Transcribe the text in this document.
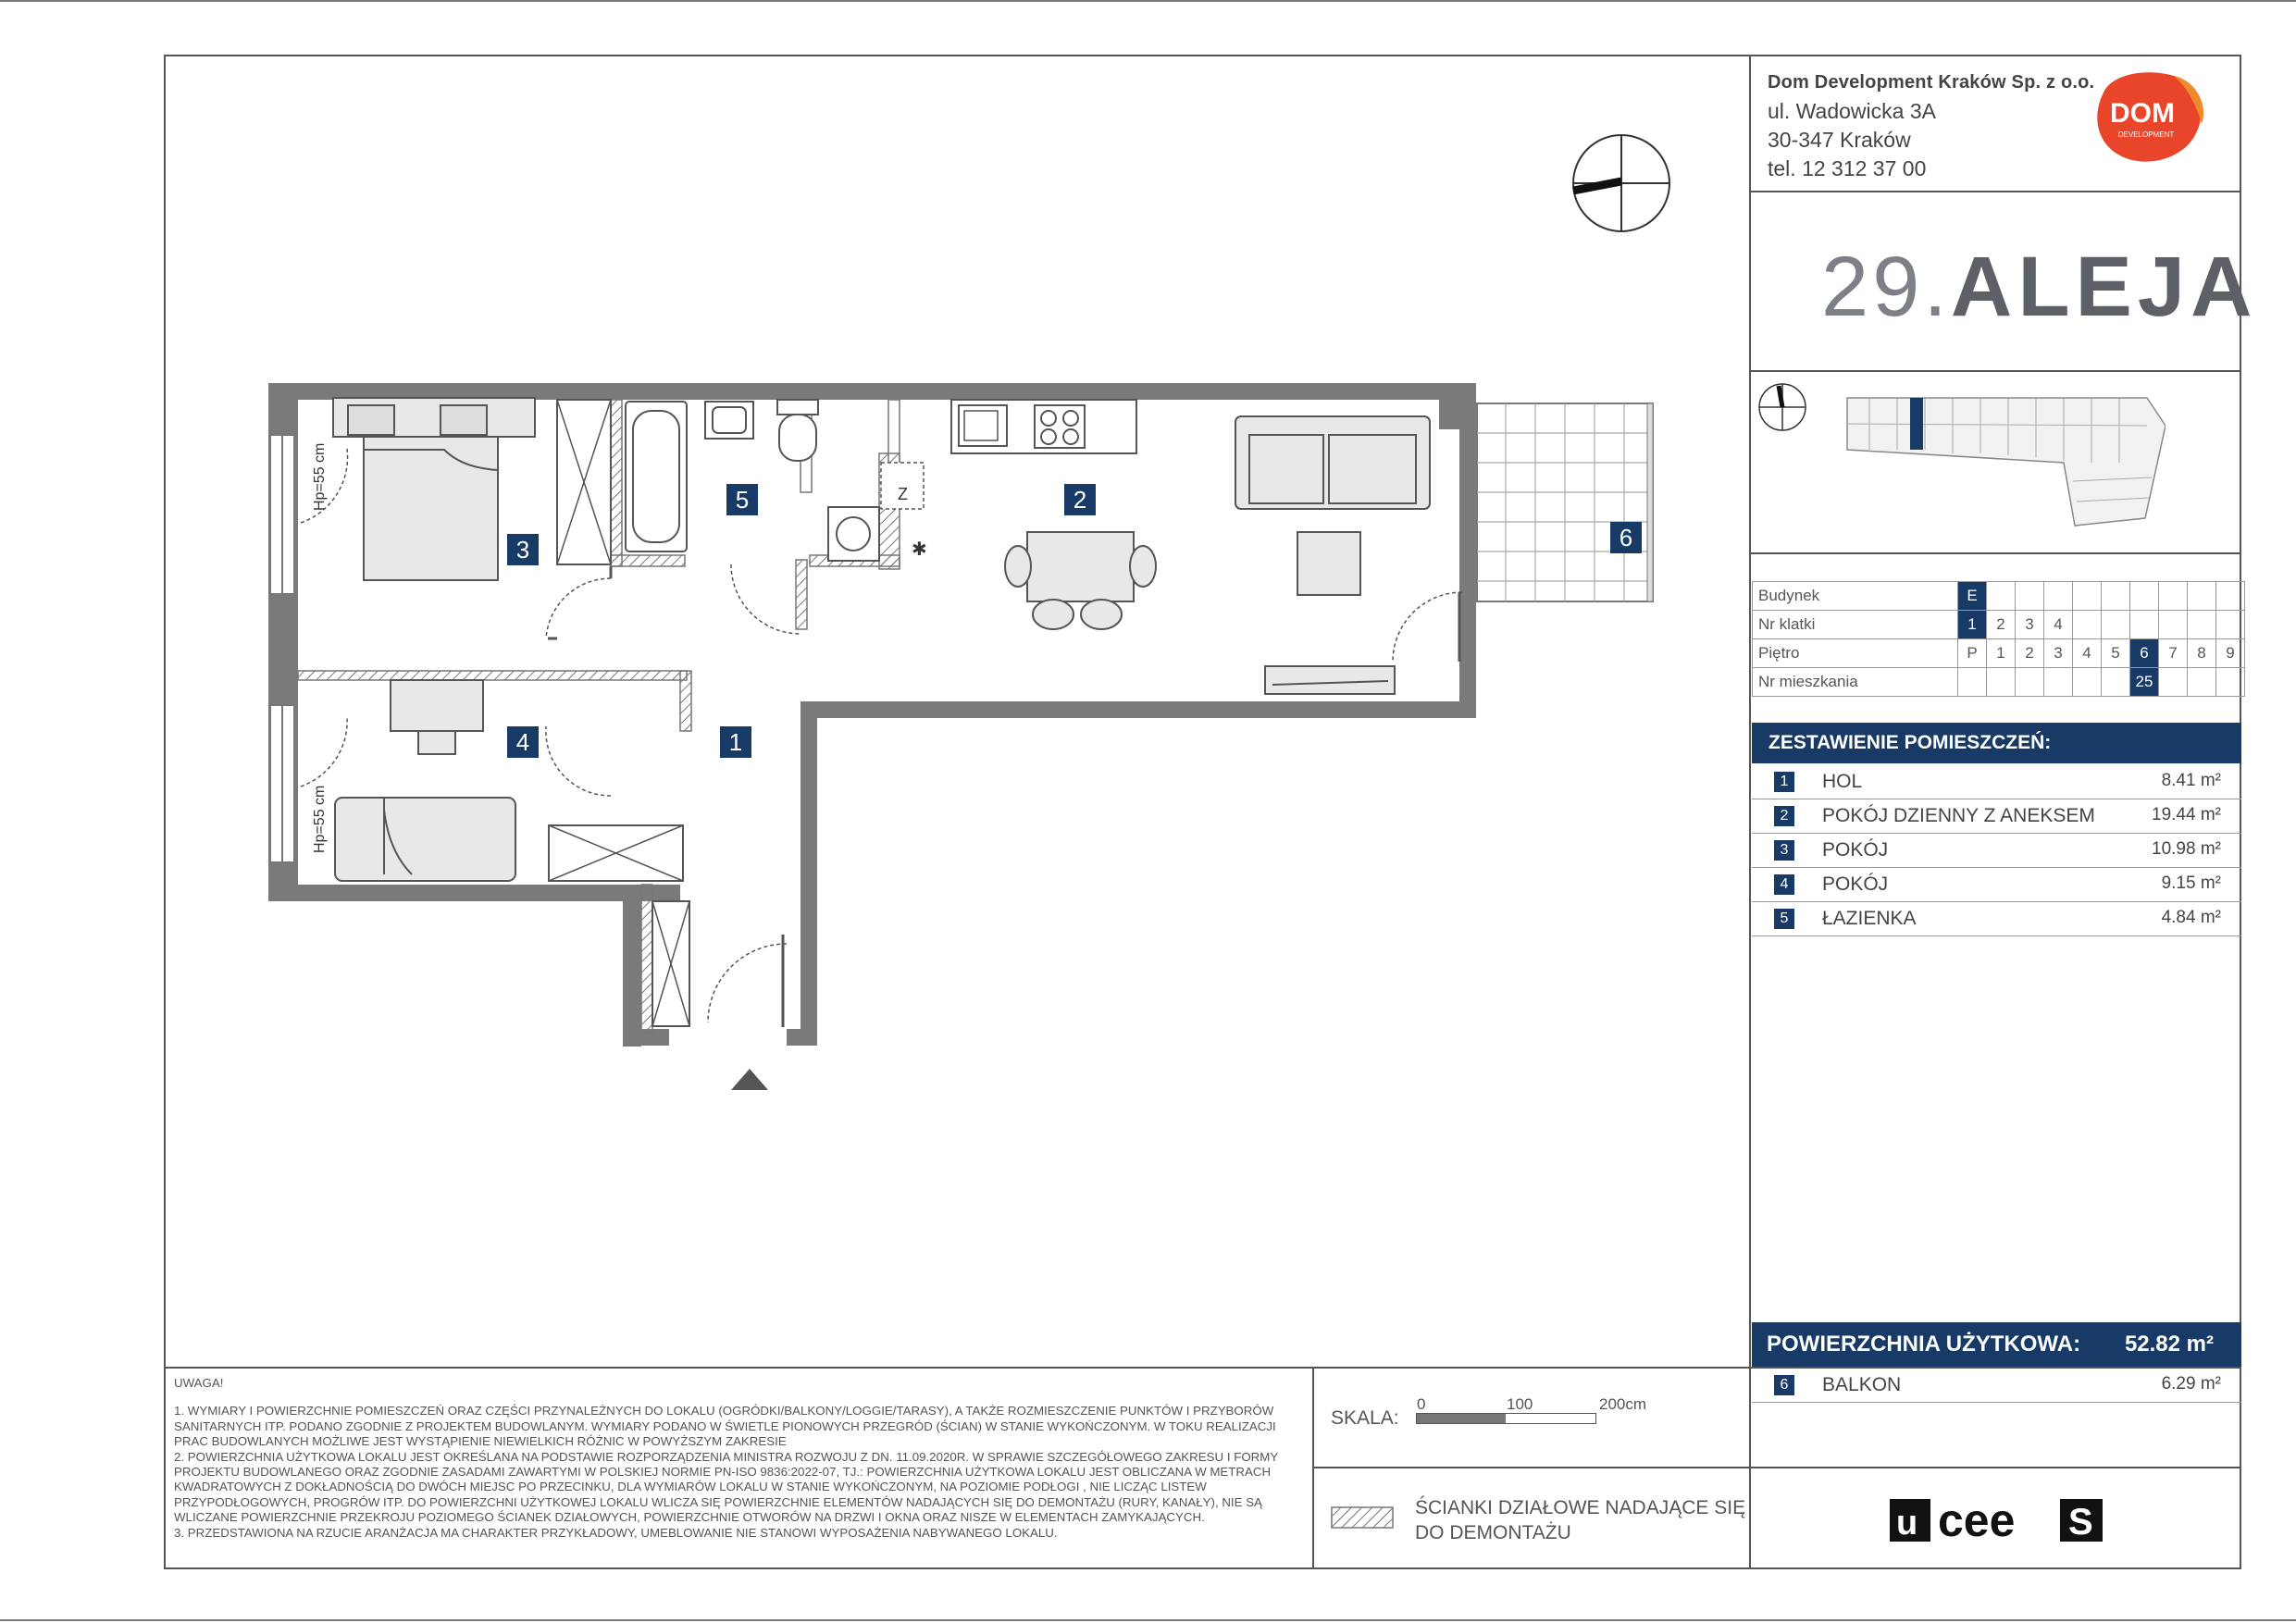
Dom Development Kraków Sp. z o.o.
ul. Wadowicka 3A
30-347 Kraków
tel. 12 312 37 00
DOM
DEVELOPMENT
29.ALEJA
Budynek	E									
Nr klatki	1	2	3	4						
Piętro	P	1	2	3	4	5	6	7	8	9
Nr mieszkania							25			
ZESTAWIENIE POMIESZCZEŃ:
1	HOL	8.41 m²
2	POKÓJ DZIENNY Z ANEKSEM	19.44 m²
3	POKÓJ	10.98 m²
4	POKÓJ	9.15 m²
5	ŁAZIENKA	4.84 m²
POWIERZCHNIA UŻYTKOWA: 52.82 m²
6	BALKON	6.29 m²
Z
✱
5	2
3	6
4	1
Hp=55 cm
Hp=55 cm

UWAGA!

1. WYMIARY I POWIERZCHNIE POMIESZCZEŃ ORAZ CZĘŚCI PRZYNALEŻNYCH DO LOKALU (OGRÓDKI/BALKONY/LOGGIE/TARASY), A TAKŻE ROZMIESZCZENIE PUNKTÓW I PRZYBORÓW SANITARNYCH ITP. PODANO ZGODNIE Z PROJEKTEM BUDOWLANYM. WYMIARY PODANO W ŚWIETLE PIONOWYCH PRZEGRÓD (ŚCIAN) W STANIE WYKOŃCZONYM. W TOKU REALIZACJI PRAC BUDOWLANYCH MOŻLIWE JEST WYSTĄPIENIE NIEWIELKICH RÓŻNIC W POWYŻSZYM ZAKRESIE

2. POWIERZCHNIA UŻYTKOWA LOKALU JEST OKREŚLANA NA PODSTAWIE ROZPORZĄDZENIA MINISTRA ROZWOJU Z DN. 11.09.2020R. W SPRAWIE SZCZEGÓŁOWEGO ZAKRESU I FORMY PROJEKTU BUDOWLANEGO ORAZ ZGODNIE ZASADAMI ZAWARTYMI W POLSKIEJ NORMIE PN-ISO 9836:2022-07, TJ.: POWIERZCHNIA UŻYTKOWA LOKALU JEST OBLICZANA W METRACH KWADRATOWYCH Z DOKŁADNOŚCIĄ DO DWÓCH MIEJSC PO PRZECINKU, DLA WYMIARÓW LOKALU W STANIE WYKOŃCZONYM, NA POZIOMIE PODŁOGI , NIE LICZĄC LISTEW PRZYPODŁOGOWYCH, PROGRÓW ITP. DO POWIERZCHNI UŻYTKOWEJ LOKALU WLICZA SIĘ POWIERZCHNIE ELEMENTÓW NADAJĄCYCH SIĘ DO DEMONTAŻU (RURY, KANAŁY), NIE SĄ WLICZANE POWIERZCHNIE PRZEKROJU POZIOMEGO ŚCIANEK DZIAŁOWYCH, POWIERZCHNIE OTWORÓW NA DRZWI I OKNA ORAZ NISZE W ELEMENTACH ZAMYKAJĄCYCH.

3. PRZEDSTAWIONA NA RZUCIE ARANŻACJA MA CHARAKTER PRZYKŁADOWY, UMEBLOWANIE NIE STANOWI WYPOSAŻENIA NABYWANEGO LOKALU.

SKALA:
0	100	200cm
ŚCIANKI DZIAŁOWE NADAJĄCE SIĘ
DO DEMONTAŻU	u cee S
